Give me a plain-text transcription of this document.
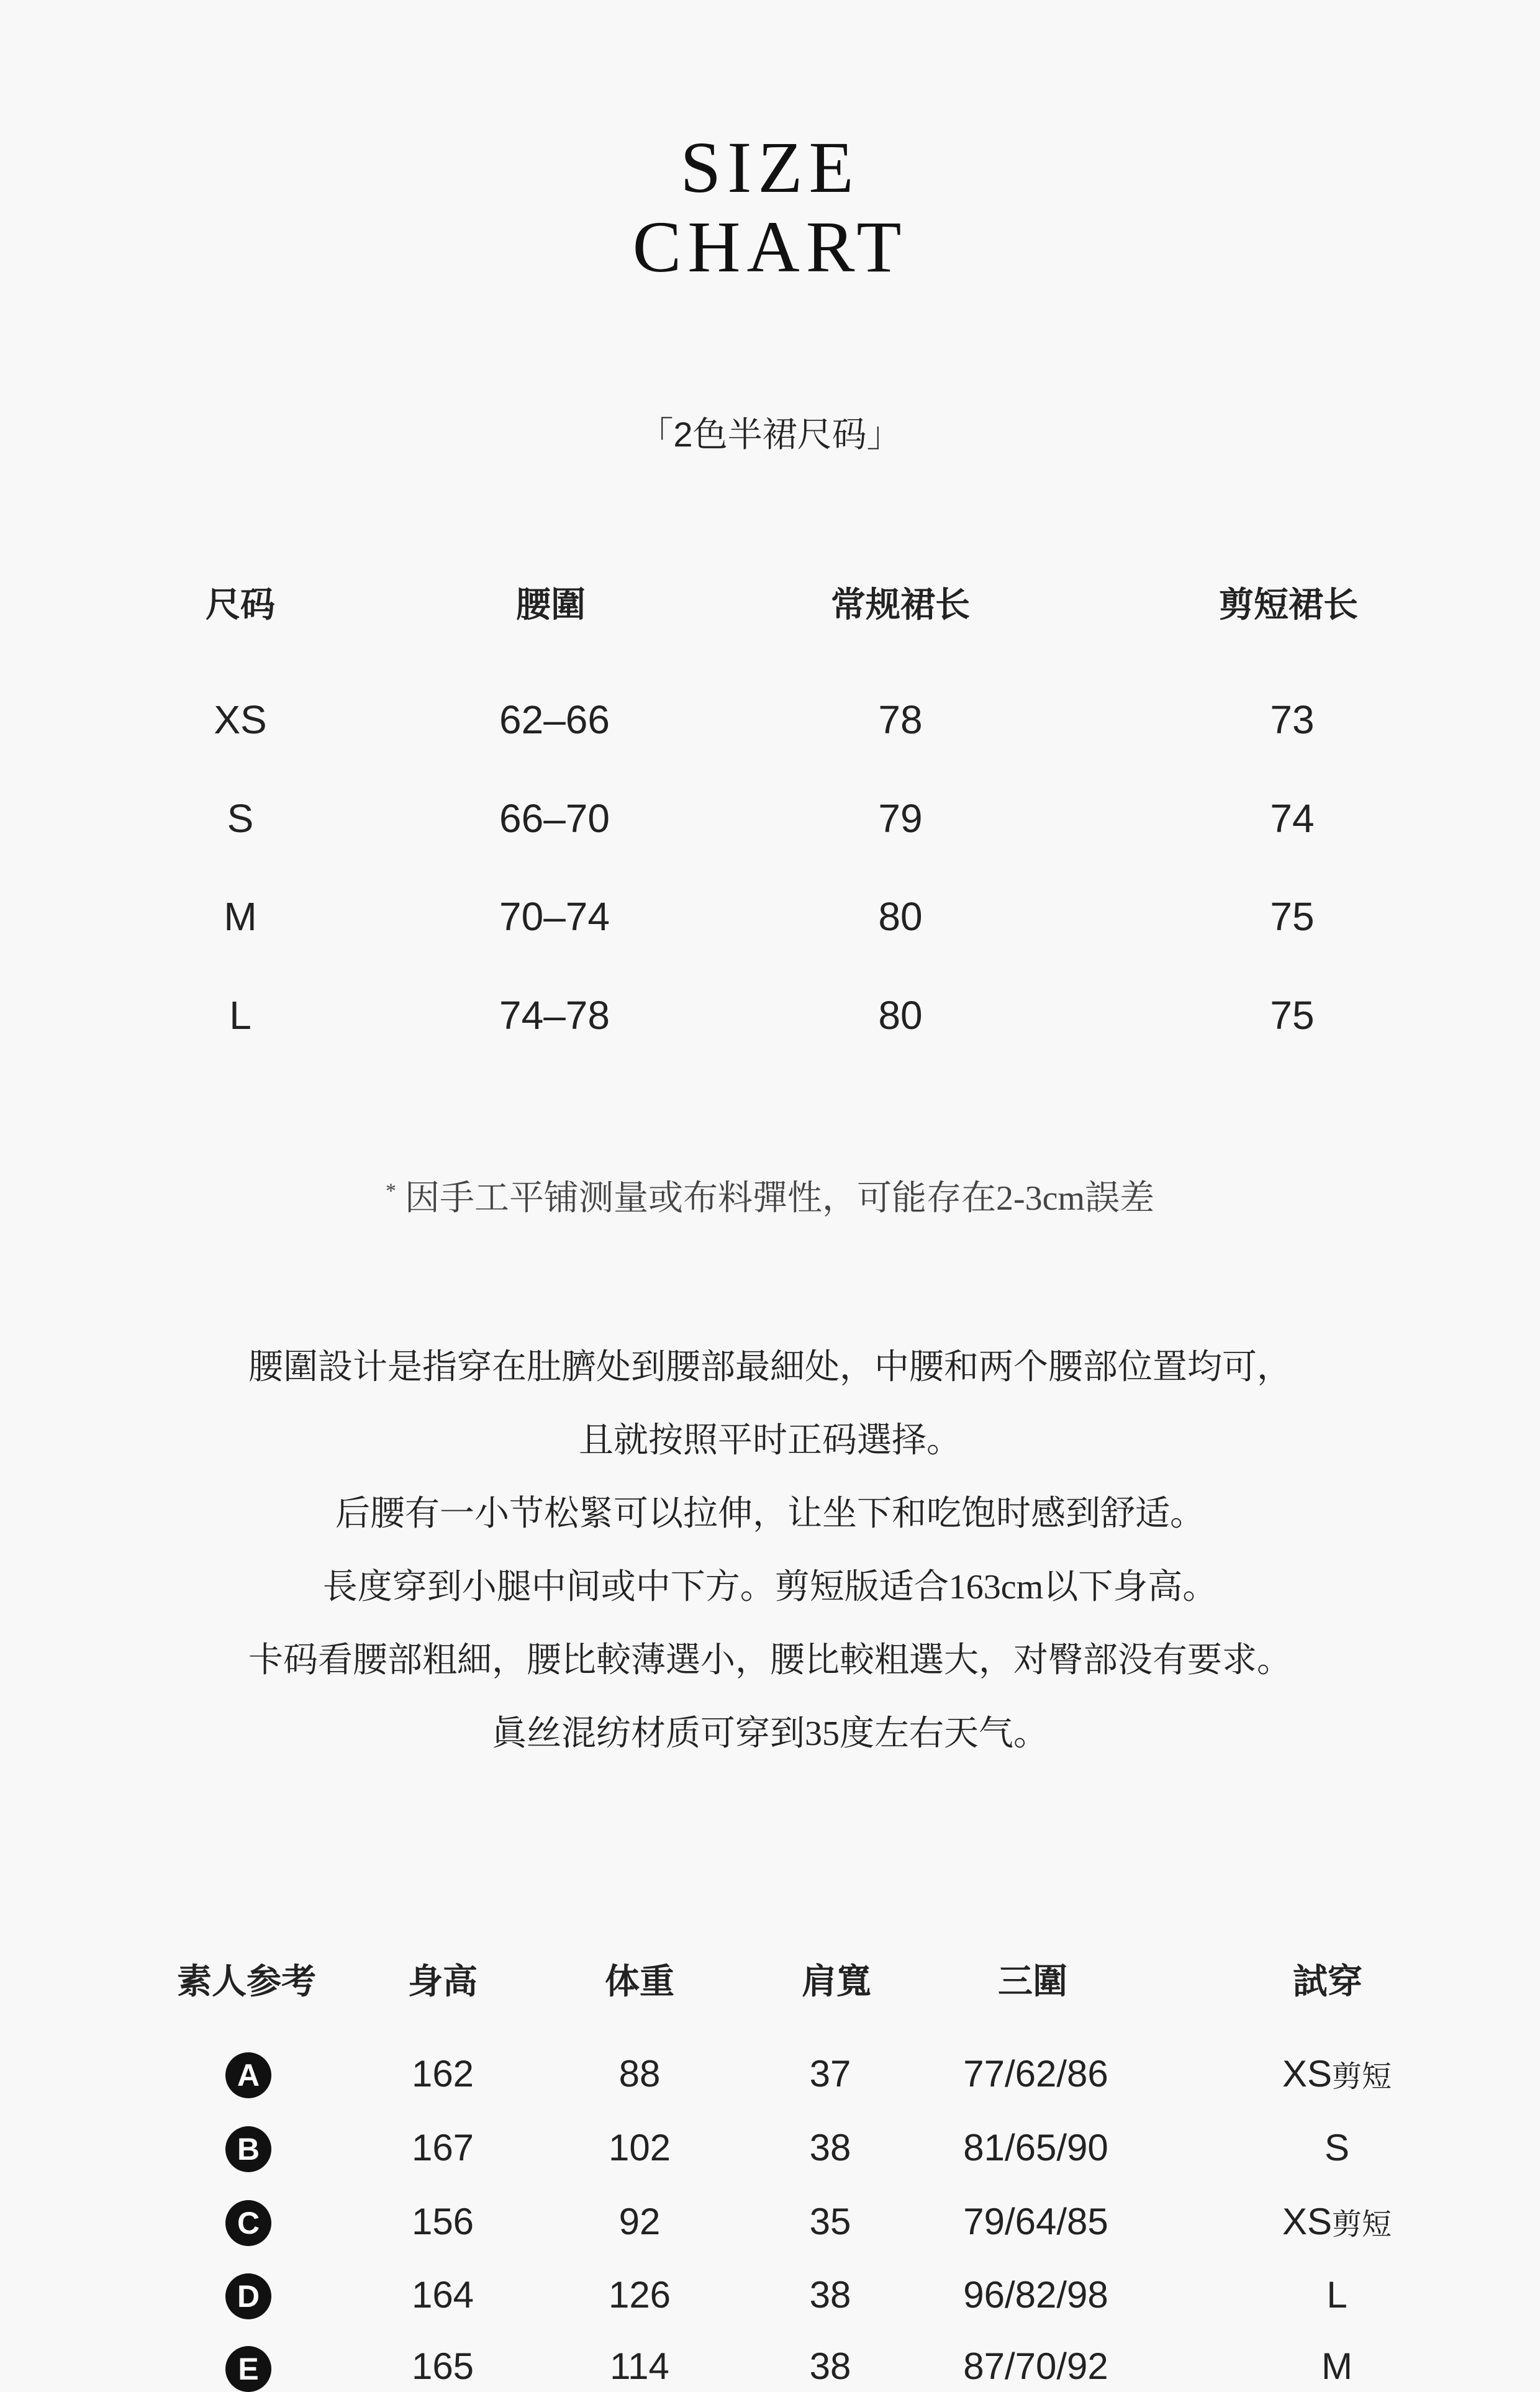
SIZE
CHART
「2色半裙尺码」
尺码	腰圍	常规裙长	剪短裙长
XS	62–66	78	73
S	66–70	79	74
M	70–74	80	75
L	74–78	80	75
* 因手工平铺测量或布料彈性，可能存在2-3cm誤差
腰圍設计是指穿在肚臍处到腰部最細处，中腰和两个腰部位置均可，
且就按照平时正码選择。
后腰有一小节松緊可以拉伸，让坐下和吃饱时感到舒适。
長度穿到小腿中间或中下方。剪短版适合163cm以下身高。
卡码看腰部粗細，腰比較薄選小，腰比較粗選大，对臀部没有要求。
眞丝混纺材质可穿到35度左右天气。
素人参考	身高	体重	肩寬	三圍	試穿
A	162	88	37	77/62/86	XS剪短
B	167	102	38	81/65/90	S
C	156	92	35	79/64/85	XS剪短
D	164	126	38	96/82/98	L
E	165	114	38	87/70/92	M
